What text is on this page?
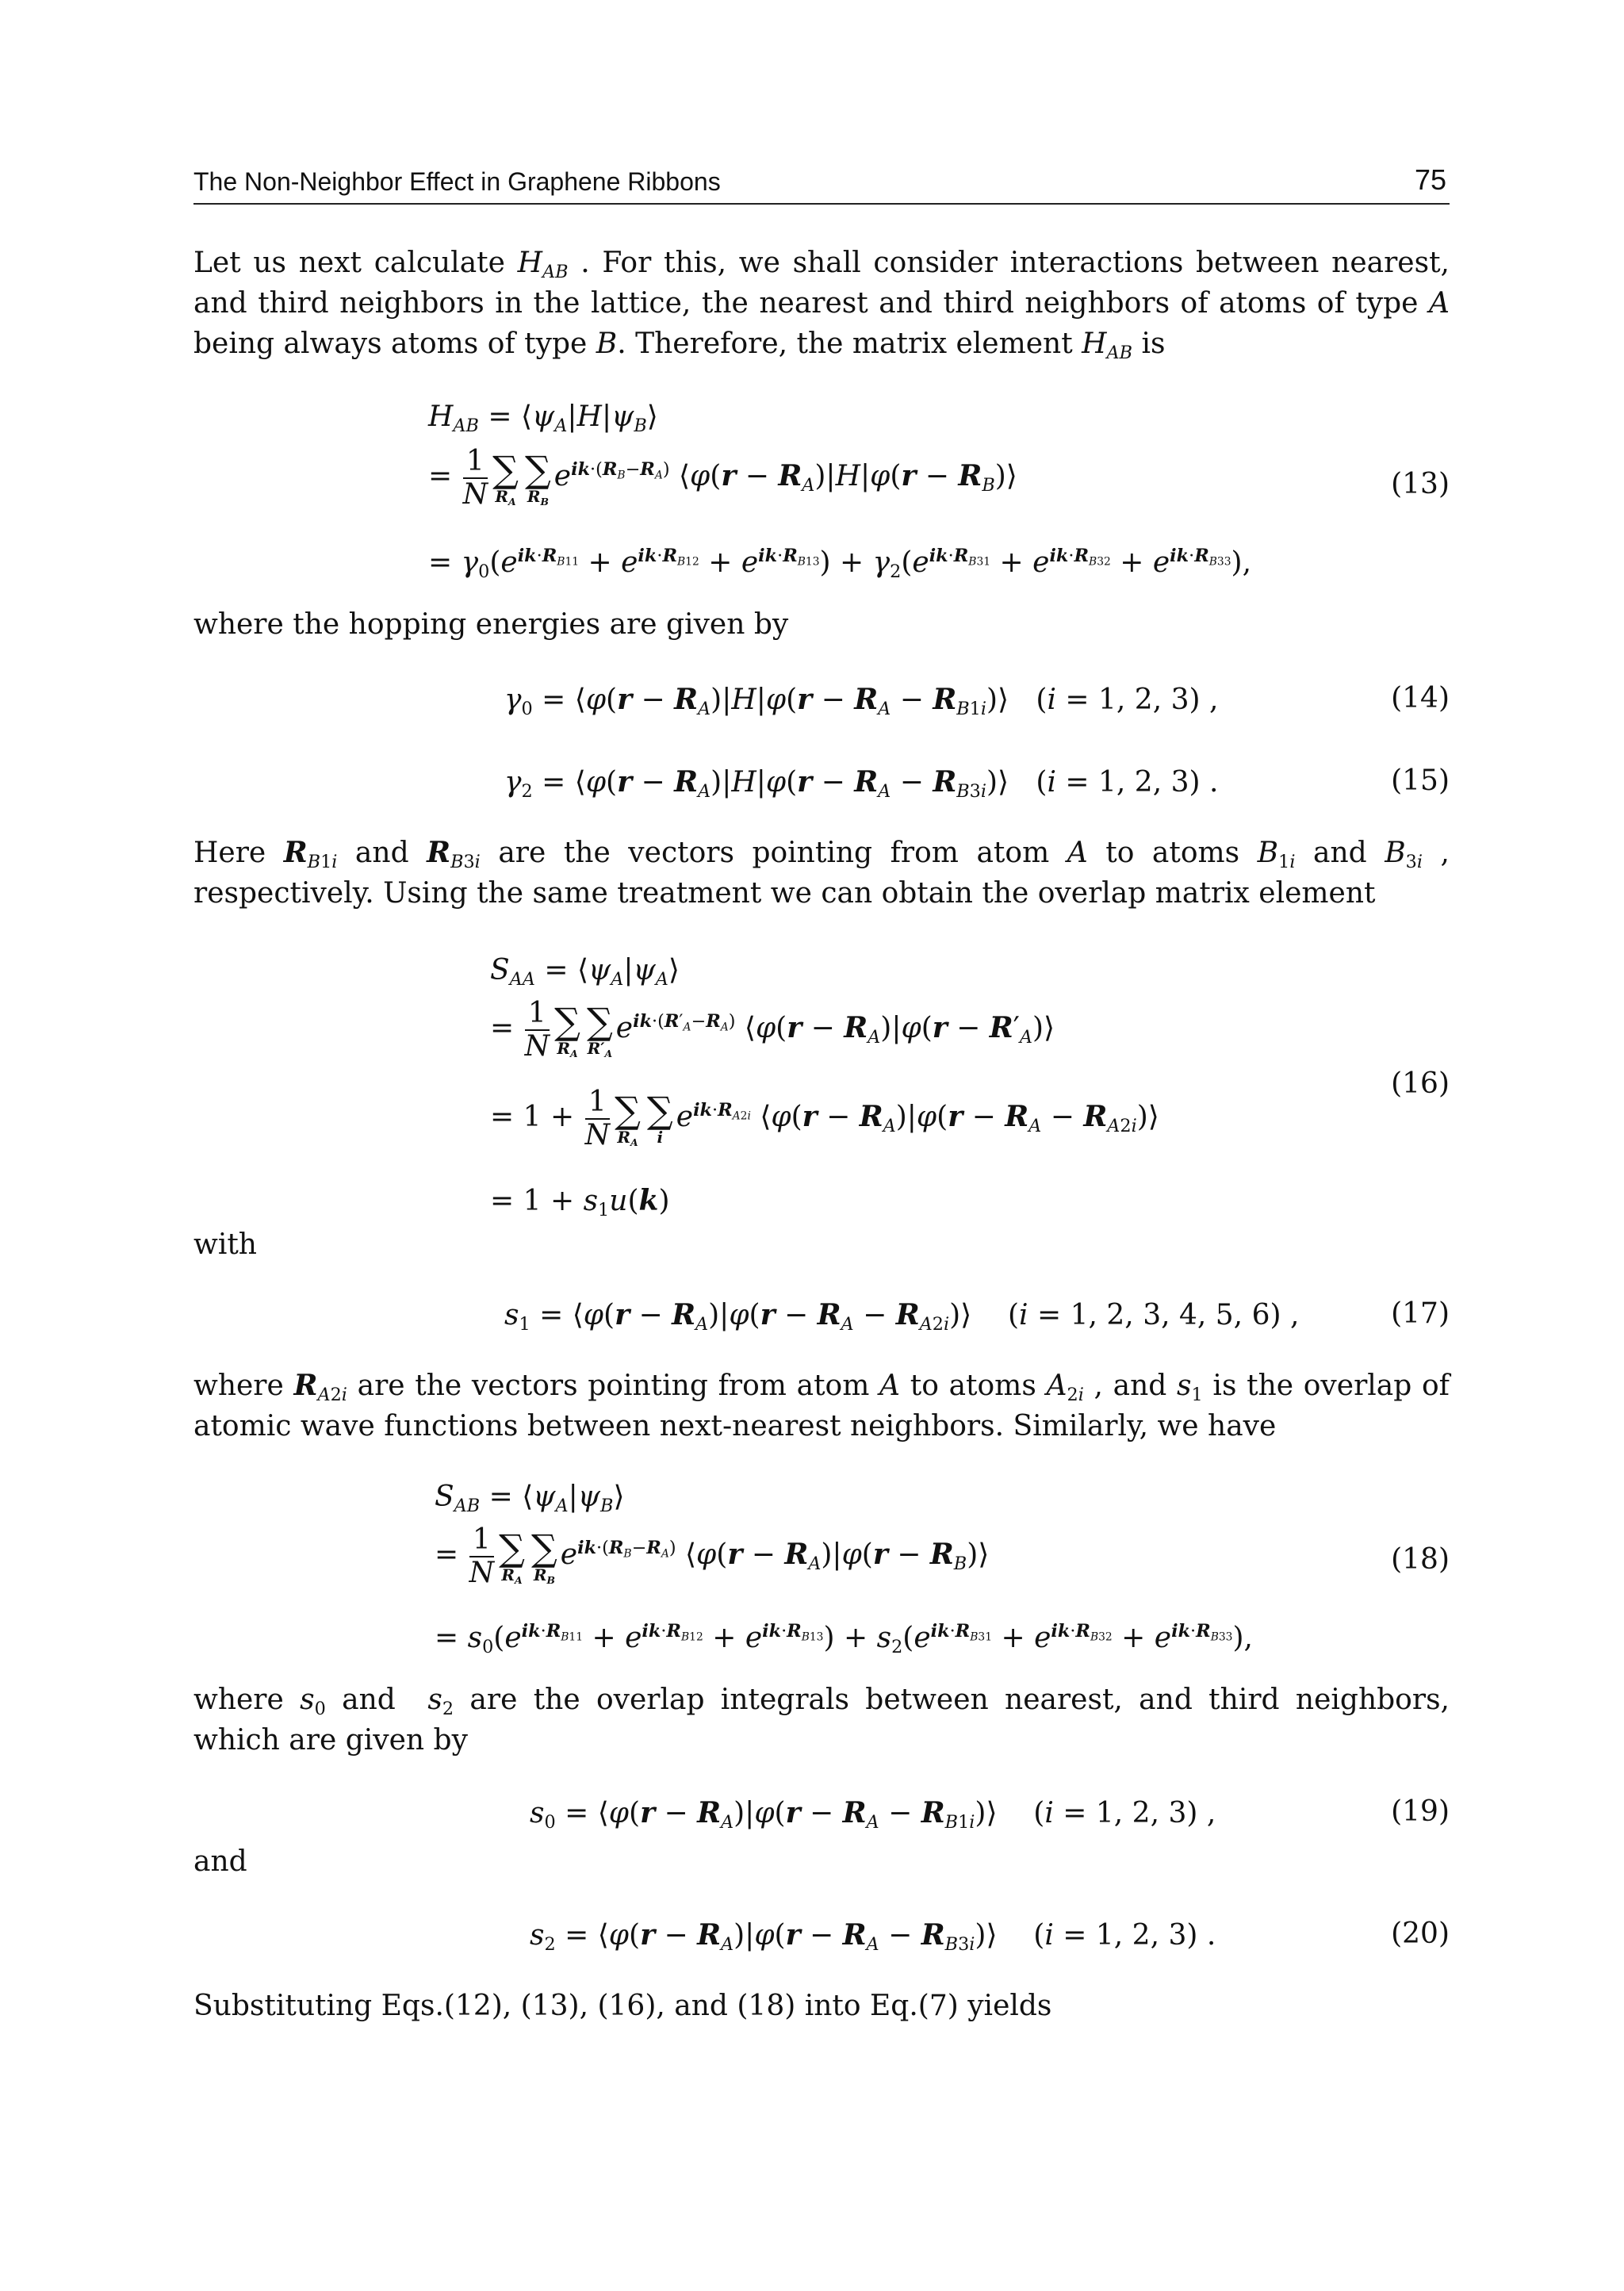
The Non-Neighbor Effect in Graphene Ribbons	75

Let us next calculate $H_{AB}$ . For this, we shall consider interactions between nearest, and third neighbors in the lattice, the nearest and third neighbors of atoms of type A being always atoms of type B. Therefore, the matrix element $H_{AB}$ is

$H_{AB}$ = $⟨\psi_A|H|\psi_B⟩$
= $\frac{1}{N}$ ∑
$R_A$
∑
$R_B$
$e^{ik\cdot(R_B-R_A)}$ ⟨φ(r − $R_A)|H|\varphi(r$ − $R_B)⟩$
= $\gamma_0(e^{ik\cdot R_{B11}} + e^{ik\cdot R_{B12}} + e^{ik\cdot R_{B13}}) + \gamma_2(e^{ik\cdot R_{B31}} + e^{ik\cdot R_{B32}} + e^{ik\cdot R_{B33}})$,
(13)

where the hopping energies are given by

$\gamma_0$ = ⟨φ(r − $R_A)|H|\varphi(r - R_A$ − $R_{B1i})⟩$   (i = 1, 2, 3) ,	(14)
$\gamma_2$ = ⟨φ(r − $R_A)|H|\varphi(r - R_A$ − $R_{B3i})⟩$   (i = 1, 2, 3) .	(15)

Here $R_{B1i}$ and $R_{B3i}$ are the vectors pointing from atom A to atoms $B_{1i}$ and $B_{3i}$ , respectively. Using the same treatment we can obtain the overlap matrix element

$S_{AA}$ = $⟨\psi_A|\psi_A⟩$
= $\frac{1}{N}$ ∑
$R_A$
∑
$R'_A$
$e^{ik\cdot(R'_A-R_A)}$ ⟨φ(r − $R_A)|\varphi(r$ − $R'_A)⟩$
= $1 + \frac{1}{N}$ ∑
$R_A$
∑
i
$e^{ik\cdot R_{A2i}}$ ⟨φ(r − $R_A)|\varphi(r - R_A$ − $R_{A2i})⟩$
= $1 + s_1u(k)$
(16)

with

$s_1$ = ⟨φ(r − $R_A)|\varphi(r - R_A$ − $R_{A2i})⟩$    (i = 1, 2, 3, 4, 5, 6) ,	(17)

where $R_{A2i}$ are the vectors pointing from atom A to atoms $A_{2i}$ , and $s_1$ is the overlap of atomic wave functions between next-nearest neighbors. Similarly, we have

$S_{AB}$ = $⟨\psi_A|\psi_B⟩$
= $\frac{1}{N}$ ∑
$R_A$
∑
$R_B$
$e^{ik\cdot(R_B-R_A)}$ ⟨φ(r − $R_A)|\varphi(r$ − $R_B)⟩$
= $s_0(e^{ik\cdot R_{B11}} + e^{ik\cdot R_{B12}} + e^{ik\cdot R_{B13}}) + s_2(e^{ik\cdot R_{B31}} + e^{ik\cdot R_{B32}} + e^{ik\cdot R_{B33}})$,
(18)

where $s_0$ and  $s_2$ are the overlap integrals between nearest, and third neighbors, which are given by

$s_0$ = ⟨φ(r − $R_A)|\varphi(r - R_A$ − $R_{B1i})⟩$    (i = 1, 2, 3) ,	(19)

and

$s_2$ = ⟨φ(r − $R_A)|\varphi(r - R_A$ − $R_{B3i})⟩$    (i = 1, 2, 3) .	(20)

Substituting Eqs.(12), (13), (16), and (18) into Eq.(7) yields
